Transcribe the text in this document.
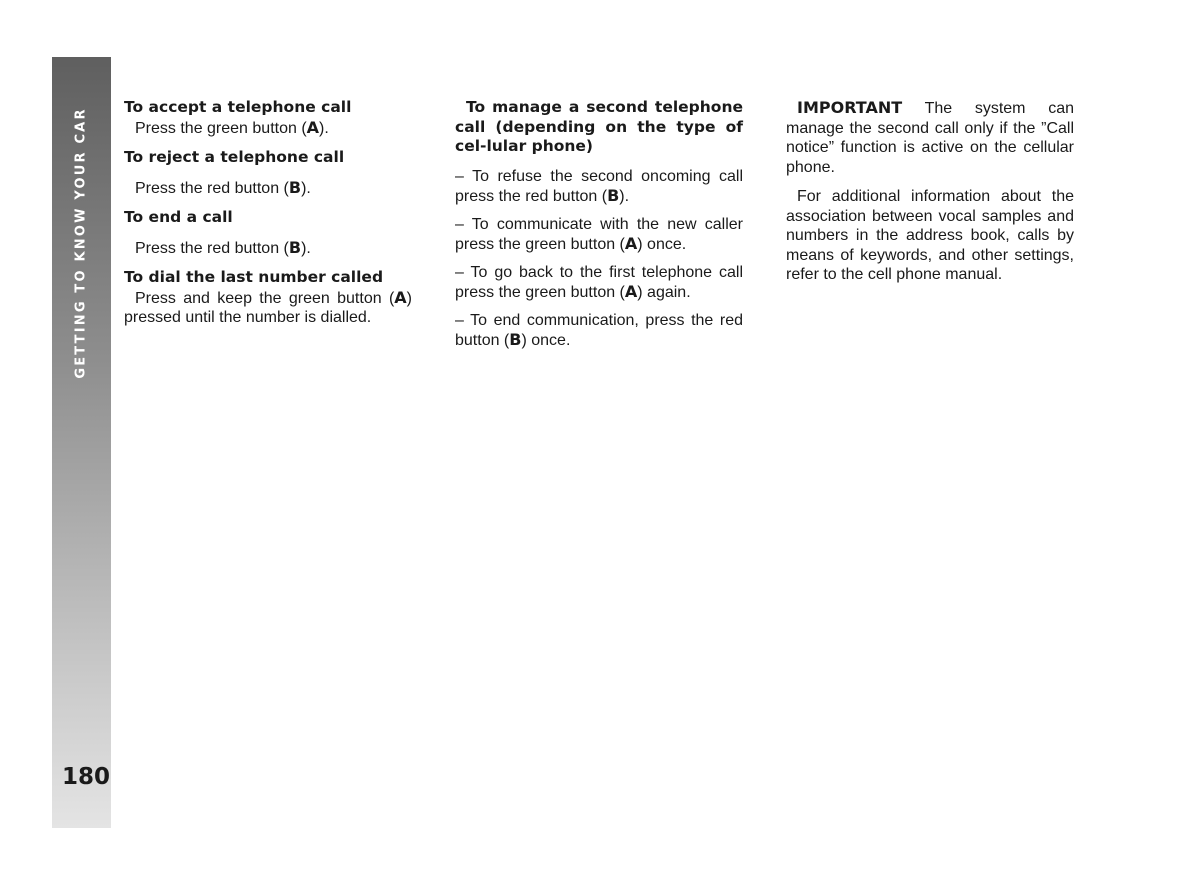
GETTING TO KNOW YOUR CAR
180

To accept a telephone call

Press the green button (A).

To reject a telephone call

Press the red button (B).

To end a call

Press the red button (B).

To dial the last number called

Press and keep the green button (A) pressed until the number is dialled.

To manage a second telephone call (depending on the type of cel-lular phone)

– To refuse the second oncoming call press the red button (B).

– To communicate with the new caller press the green button (A) once.

– To go back to the first telephone call press the green button (A) again.

– To end communication, press the red button (B) once.

IMPORTANT The system can manage the second call only if the ”Call notice” function is active on the cellular phone.

For additional information about the association between vocal samples and numbers in the address book, calls by means of keywords, and other settings, refer to the cell phone manual.
